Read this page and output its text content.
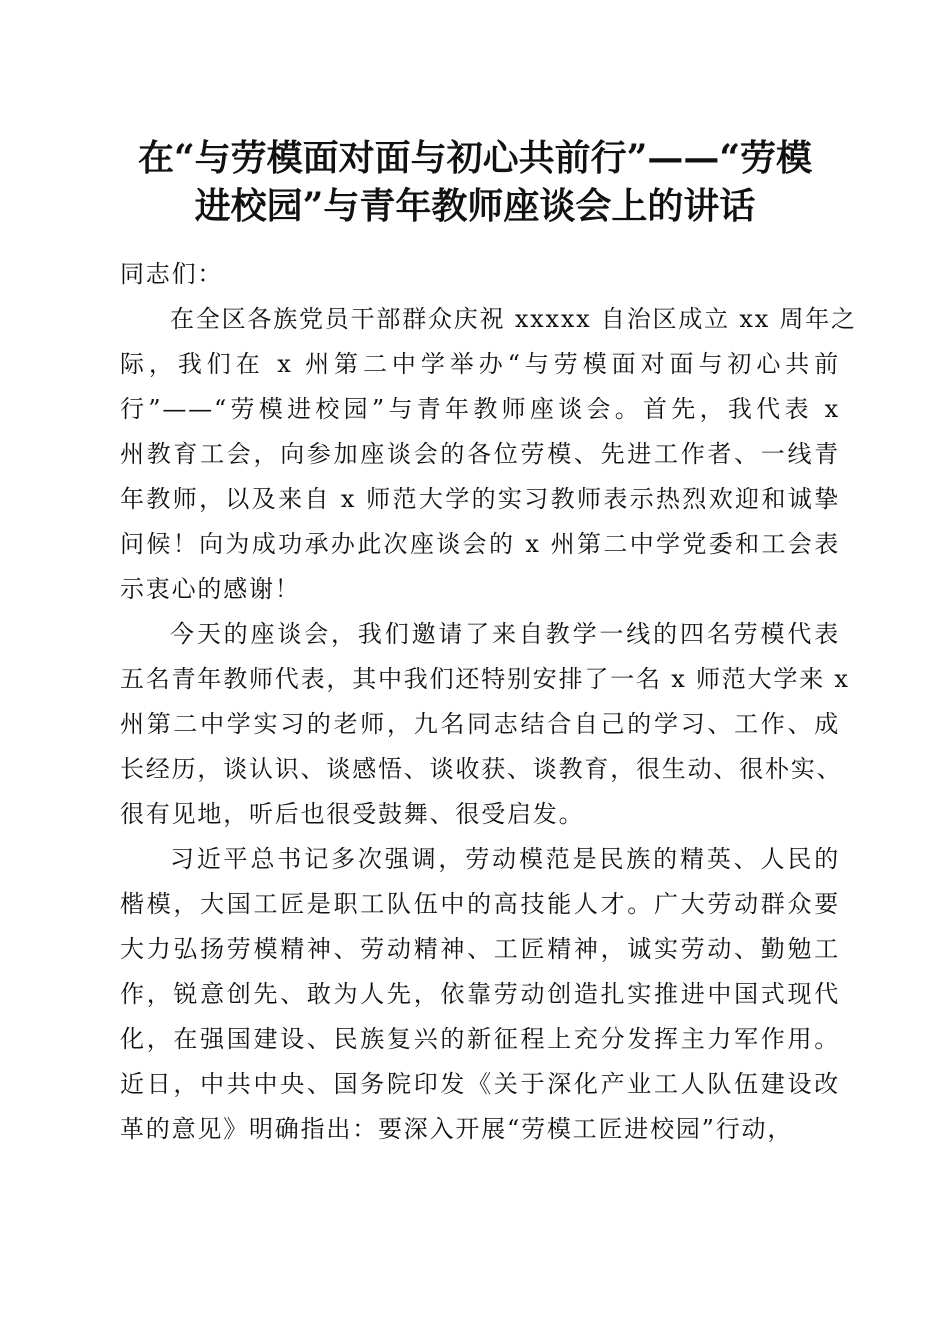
在“与劳模面对面与初心共前行”——“劳模
进校园”与青年教师座谈会上的讲话

同志们：

在全区各族党员干部群众庆祝 xxxxx 自治区成立 xx 周年之
际，我们在 x 州第二中学举办“与劳模面对面与初心共前
行”——“劳模进校园”与青年教师座谈会。首先，我代表 x
州教育工会，向参加座谈会的各位劳模、先进工作者、一线青
年教师，以及来自 x 师范大学的实习教师表示热烈欢迎和诚挚
问候！向为成功承办此次座谈会的 x 州第二中学党委和工会表
示衷心的感谢！

今天的座谈会，我们邀请了来自教学一线的四名劳模代表
五名青年教师代表，其中我们还特别安排了一名 x 师范大学来 x
州第二中学实习的老师，九名同志结合自己的学习、工作、成
长经历，谈认识、谈感悟、谈收获、谈教育，很生动、很朴实、
很有见地，听后也很受鼓舞、很受启发。

习近平总书记多次强调，劳动模范是民族的精英、人民的
楷模，大国工匠是职工队伍中的高技能人才。广大劳动群众要
大力弘扬劳模精神、劳动精神、工匠精神，诚实劳动、勤勉工
作，锐意创先、敢为人先，依靠劳动创造扎实推进中国式现代
化，在强国建设、民族复兴的新征程上充分发挥主力军作用。
近日，中共中央、国务院印发《关于深化产业工人队伍建设改
革的意见》明确指出：要深入开展“劳模工匠进校园”行动，
